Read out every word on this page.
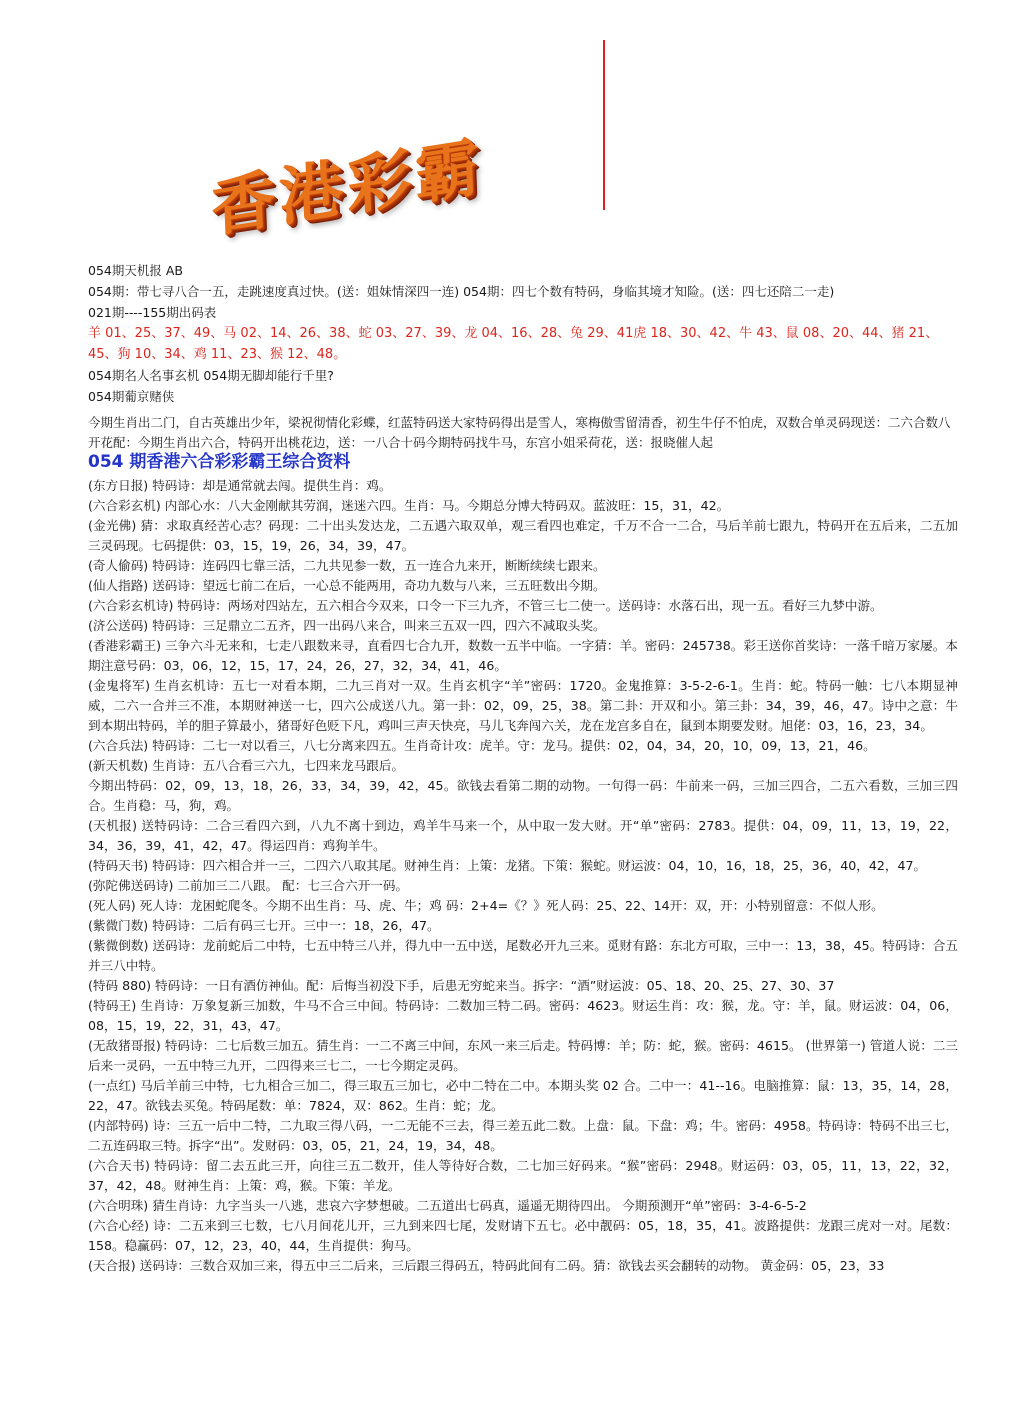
香港彩霸

054期天机报 AB

054期：带七寻八合一五，走跳速度真过快。(送：姐妹情深四一连) 054期：四七个数有特码，身临其境才知险。(送：四七还陪二一走)

021期----155期出码表

羊 01、25、37、49、马 02、14、26、38、蛇 03、27、39、龙 04、16、28、兔 29、41虎 18、30、42、牛 43、鼠 08、20、44、猪 21、45、狗 10、34、鸡 11、23、猴 12、48。

054期名人名事玄机 054期无脚却能行千里?

054期葡京赌侠

今期生肖出二门，自古英雄出少年，梁祝彻情化彩蝶，红蓝特码送大家特码得出是雪人，寒梅傲雪留清香，初生牛仔不怕虎，双数合单灵码现送：二六合数八开花配：今期生肖出六合，特码开出桃花边，送：一八合十码今期特码找牛马，东宫小姐采荷花，送：报晓催人起

054 期香港六合彩彩霸王综合资料

(东方日报) 特码诗：却是通常就去闯。提供生肖：鸡。

(六合彩玄机) 内部心水：八大金刚献其劳润，迷迷六四。生肖：马。今期总分博大特码双。蓝波旺：15，31，42。

(金光佛) 猜：求取真经苦心志？码现：二十出头发达龙，二五遇六取双单，观三看四也难定，千万不合一二合，马后羊前七跟九，特码开在五后来，二五加三灵码现。七码提供：03，15，19，26，34，39，47。

(奇人偷码) 特码诗：连码四七靠三活，二九共见参一数，五一连合九来开，断断续续七跟来。

(仙人指路) 送码诗：望远七前二在后，一心总不能两用，奇功九数与八来，三五旺数出今期。

(六合彩玄机诗) 特码诗：两场对四站左，五六相合今双来，口令一下三九齐，不管三七二使一。送码诗：水落石出，现一五。看好三九梦中游。

(济公送码) 特码诗：三足鼎立二五齐，四一出码八来合，叫来三五双一四，四六不减取头奖。

(香港彩霸王) 三争六斗无来和，七走八跟数来寻，直看四七合九开，数数一五半中临。一字猜：羊。密码：245738。彩王送你首奖诗：一落千暗万家屡。本期注意号码：03，06，12，15，17，24，26，27，32，34，41，46。

(金鬼将军) 生肖玄机诗：五七一对看本期，二九三肖对一双。生肖玄机字“羊”密码：1720。金鬼推算：3-5-2-6-1。生肖：蛇。特码一触：七八本期显神威，二六一合并三不准，本期财神送一七，四六公成送八九。第一卦：02，09，25，38。第二卦：开双和小。第三卦：34，39，46，47。诗中之意：牛到本期出特码，羊的胆子算最小，猪哥好色贬下凡，鸡叫三声天快亮，马儿飞奔闯六关，龙在龙宫多自在，鼠到本期要发财。旭佬：03，16，23，34。

(六合兵法) 特码诗：二七一对以看三，八七分离来四五。生肖奇计攻：虎羊。守：龙马。提供：02，04，34，20，10，09，13，21，46。

(新天机数) 生肖诗：五八合看三六九，七四来龙马跟后。

今期出特码：02，09，13，18，26，33，34，39，42，45。欲钱去看第二期的动物。一句得一码：牛前来一码，三加三四合，二五六看数，三加三四合。生肖稳：马，狗，鸡。

(天机报) 送特码诗：二合三看四六到，八九不离十到边，鸡羊牛马来一个，从中取一发大财。开“单”密码：2783。提供：04，09，11，13，19，22，34，36，39，41，42，47。得运四肖：鸡狗羊牛。

(特码天书) 特码诗：四六相合并一三，二四六八取其尾。财神生肖：上策：龙猪。下策：猴蛇。财运波：04，10，16，18，25，36，40，42，47。

(弥陀佛送码诗) 二前加三二八跟。 配：七三合六开一码。

(死人码) 死人诗：龙困蛇爬冬。今期不出生肖：马、虎、牛；鸡 码：2+4=《？》死人码：25、22、14开：双，开：小特别留意：不似人形。

(紫微门数) 特码诗：二后有码三七开。三中一：18，26，47。

(紫微倒数) 送码诗：龙前蛇后二中特，七五中特三八并，得九中一五中送，尾数必开九三来。觅财有路：东北方可取，三中一：13，38，45。特码诗：合五并三八中特。

(特码 880) 特码诗：一日有酒仿神仙。配：后悔当初没下手，后患无穷蛇来当。拆字：“酒”财运波：05、18、20、25、27、30、37

(特码王) 生肖诗：万象复新三加数，牛马不合三中间。特码诗：二数加三特二码。密码：4623。财运生肖：攻：猴，龙。守：羊，鼠。财运波：04，06，08，15，19，22，31，43，47。

(无敌猪哥报) 特码诗：二七后数三加五。猜生肖：一二不离三中间，东风一来三后走。特码博：羊；防：蛇，猴。密码：4615。 (世界第一) 管道人说：二三后来一灵码，一五中特三九开，二四得来三七二，一七今期定灵码。

(一点红) 马后羊前三中特，七九相合三加二，得三取五三加七，必中二特在二中。本期头奖 02 合。二中一：41--16。电脑推算：鼠：13，35，14，28，22，47。欲钱去买兔。特码尾数：单：7824，双：862。生肖：蛇；龙。

(内部特码) 诗：三五一后中二特，二九取三得八码，一二无能不三去，得三差五此二数。上盘：鼠。下盘：鸡；牛。密码：4958。特码诗：特码不出三七，二五连码取三特。拆字“出”。发财码：03，05，21，24，19，34，48。

(六合天书) 特码诗：留二去五此三开，向往三五二数开，佳人等待好合数，二七加三好码来。“猴”密码：2948。财运码：03，05，11，13，22，32，37，42，48。财神生肖：上策：鸡，猴。下策：羊龙。

(六合明珠) 猜生肖诗：九字当头一八逃，悲哀六字梦想破。二五道出七码真，遥遥无期待四出。 今期预测开“单”密码：3-4-6-5-2

(六合心经) 诗：二五来到三七数，七八月间花儿开，三九到来四七尾，发财请下五七。必中靓码：05，18，35，41。波路提供：龙跟三虎对一对。尾数：158。稳赢码：07，12，23，40，44，生肖提供：狗马。

(天合报) 送码诗：三数合双加三来，得五中三二后来，三后跟三得码五，特码此间有二码。猜：欲钱去买会翻转的动物。 黄金码：05，23，33
